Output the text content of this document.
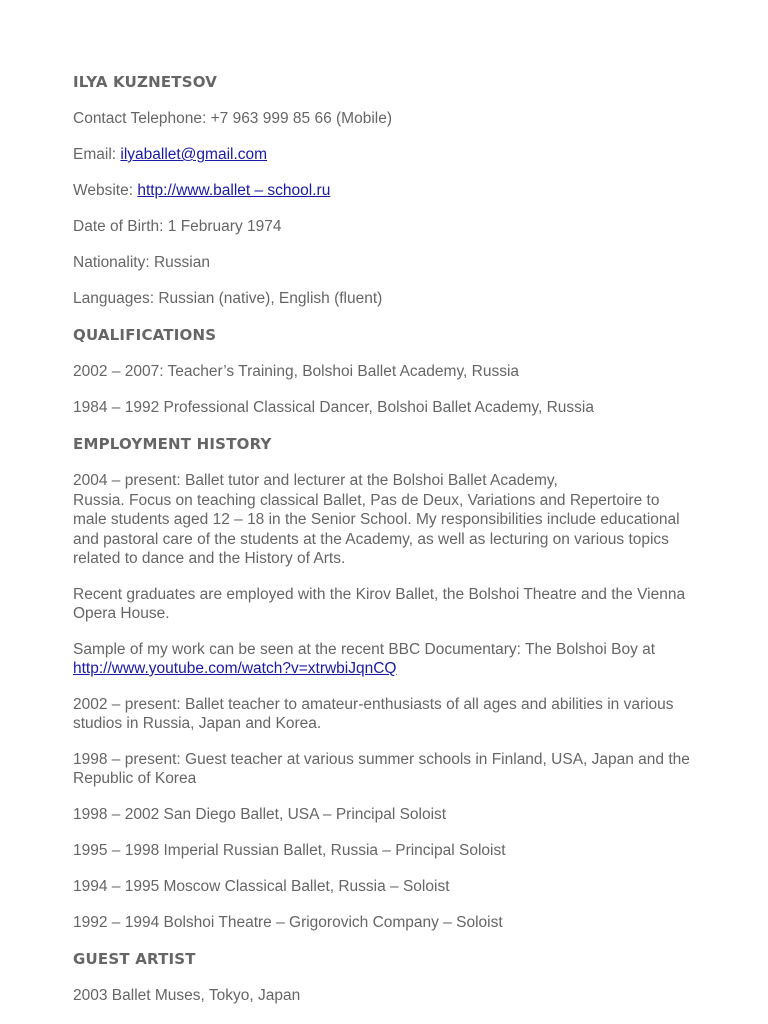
ILYA KUZNETSOV

Contact Telephone: +7 963 999 85 66 (Mobile)

Email: ilyaballet@gmail.com

Website: http://www.ballet – school.ru

Date of Birth: 1 February 1974

Nationality: Russian

Languages: Russian (native), English (fluent)

QUALIFICATIONS

2002 – 2007: Teacher’s Training, Bolshoi Ballet Academy, Russia

1984 – 1992 Professional Classical Dancer, Bolshoi Ballet Academy, Russia

EMPLOYMENT HISTORY

2004 – present: Ballet tutor and lecturer at the Bolshoi Ballet Academy,
Russia. Focus on teaching classical Ballet, Pas de Deux, Variations and Repertoire to male students aged 12 – 18 in the Senior School. My responsibilities include educational and pastoral care of the students at the Academy, as well as lecturing on various topics related to dance and the History of Arts.

Recent graduates are employed with the Kirov Ballet, the Bolshoi Theatre and the Vienna Opera House.

Sample of my work can be seen at the recent BBC Documentary: The Bolshoi Boy at http://www.youtube.com/watch?v=xtrwbiJqnCQ

2002 – present: Ballet teacher to amateur-enthusiasts of all ages and abilities in various studios in Russia, Japan and Korea.

1998 – present: Guest teacher at various summer schools in Finland, USA, Japan and the Republic of Korea

1998 – 2002 San Diego Ballet, USA – Principal Soloist

1995 – 1998 Imperial Russian Ballet, Russia – Principal Soloist

1994 – 1995 Moscow Classical Ballet, Russia – Soloist

1992 – 1994 Bolshoi Theatre – Grigorovich Company – Soloist

GUEST ARTIST

2003 Ballet Muses, Tokyo, Japan
